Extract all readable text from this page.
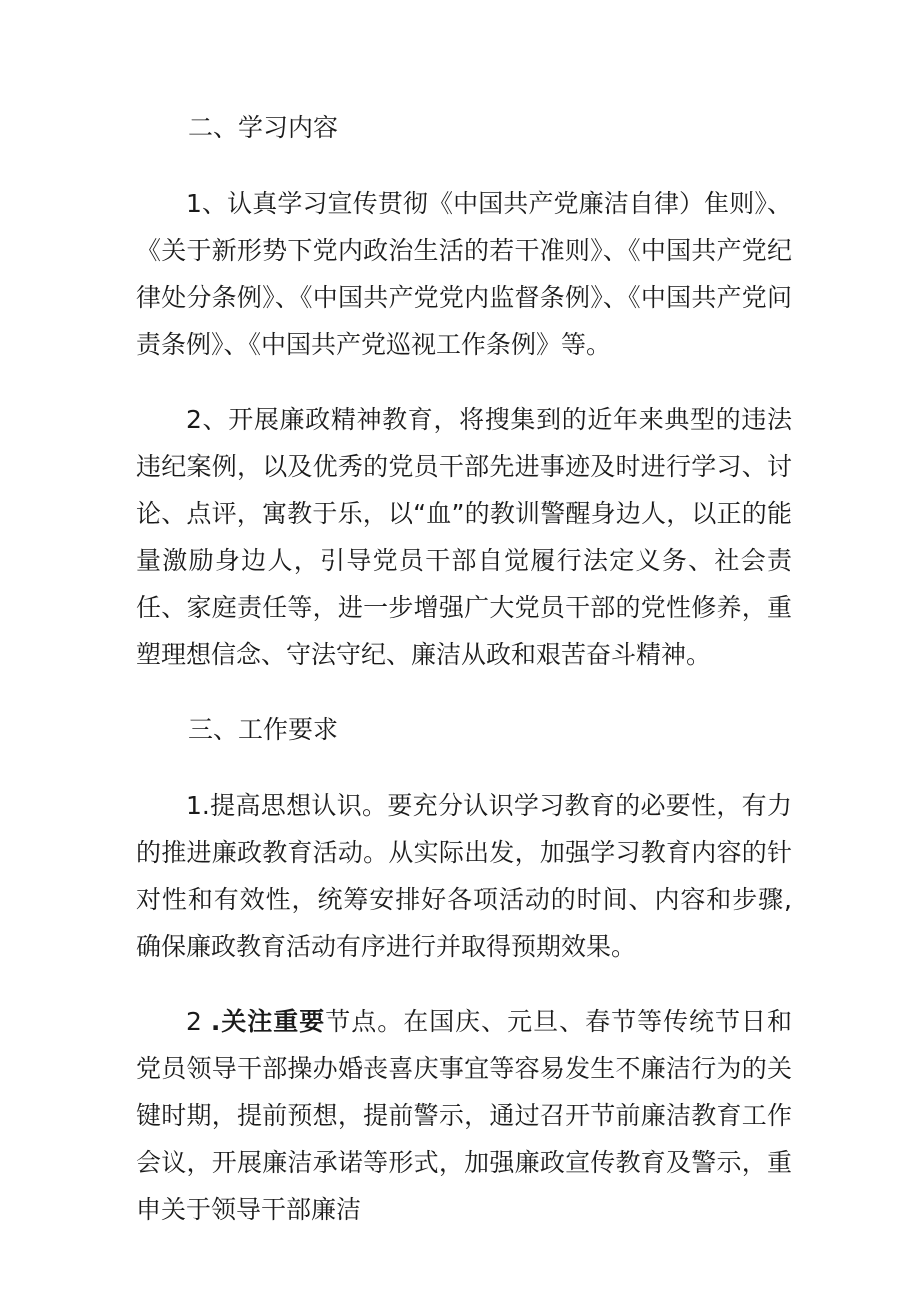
二、学习内容

1、认真学习宣传贯彻《中国共产党廉洁自律）隹则》、《关于新形势下党内政治生活的若干准则》、《中国共产党纪律处分条例》、《中国共产党党内监督条例》、《中国共产党问责条例》、《中国共产党巡视工作条例》等。

2、开展廉政精神教育，将搜集到的近年来典型的违法违纪案例，以及优秀的党员干部先进事迹及时进行学习、讨论、点评，寓教于乐，以“血”的教训警醒身边人，以正的能量激励身边人，引导党员干部自觉履行法定义务、社会责任、家庭责任等，进一步增强广大党员干部的党性修养，重塑理想信念、守法守纪、廉洁从政和艰苦奋斗精神。

三、工作要求

1.提高思想认识。要充分认识学习教育的必要性，有力的推进廉政教育活动。从实际出发，加强学习教育内容的针对性和有效性，统筹安排好各项活动的时间、内容和步骤,确保廉政教育活动有序进行并取得预期效果。

2 .关注重要节点。在国庆、元旦、春节等传统节日和党员领导干部操办婚丧喜庆事宜等容易发生不廉洁行为的关键时期，提前预想，提前警示，通过召开节前廉洁教育工作会议，开展廉洁承诺等形式，加强廉政宣传教育及警示，重申关于领导干部廉洁
